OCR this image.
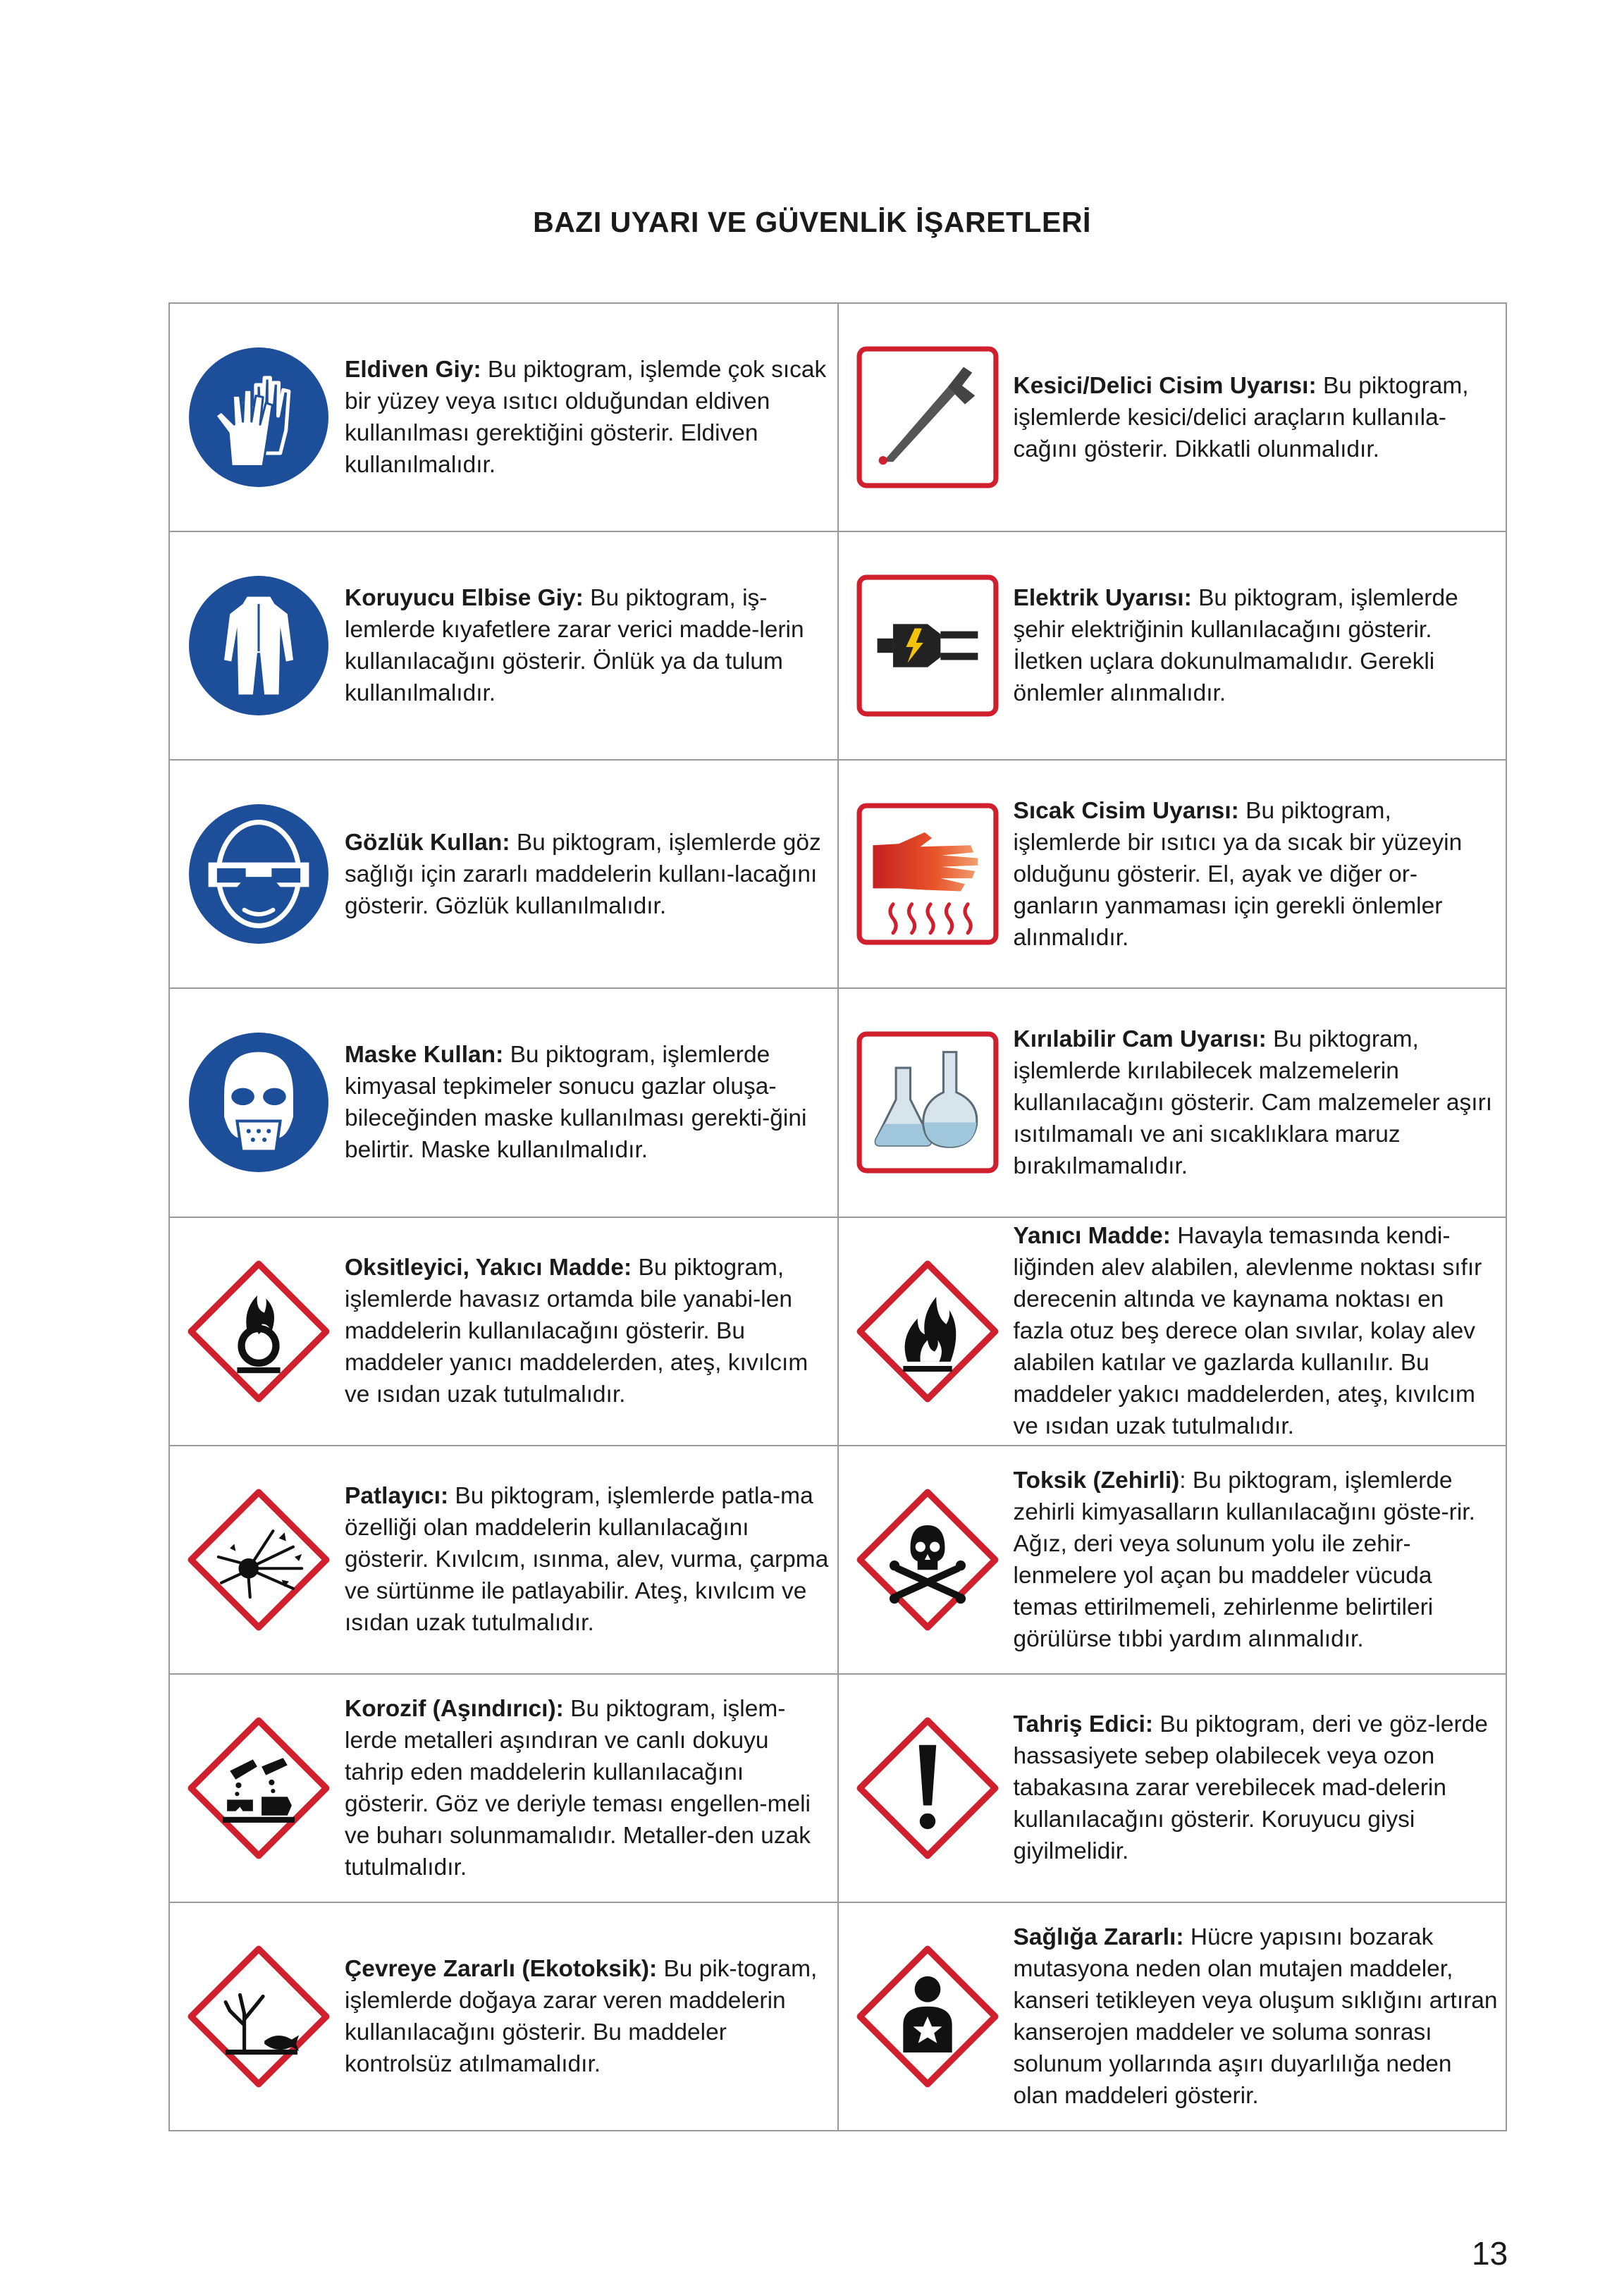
BAZI UYARI VE GÜVENLİK İŞARETLERİ
Eldiven Giy: Bu piktogram, işlemde çok sıcak bir yüzey veya ısıtıcı olduğundan eldiven kullanılması gerektiğini gösterir. Eldiven kullanılmalıdır.
Kesici/Delici Cisim Uyarısı: Bu piktogram, işlemlerde kesici/delici araçların kullanıla-cağını gösterir. Dikkatli olunmalıdır.
Koruyucu Elbise Giy: Bu piktogram, iş-lemlerde kıyafetlere zarar verici madde-lerin kullanılacağını gösterir. Önlük ya da tulum kullanılmalıdır.
Elektrik Uyarısı: Bu piktogram, işlemlerde şehir elektriğinin kullanılacağını gösterir. İletken uçlara dokunulmamalıdır. Gerekli önlemler alınmalıdır.
Gözlük Kullan: Bu piktogram, işlemlerde göz sağlığı için zararlı maddelerin kullanı-lacağını gösterir. Gözlük kullanılmalıdır.
Sıcak Cisim Uyarısı: Bu piktogram, işlemlerde bir ısıtıcı ya da sıcak bir yüzeyin olduğunu gösterir. El, ayak ve diğer or-ganların yanmaması için gerekli önlemler alınmalıdır.
Maske Kullan: Bu piktogram, işlemlerde kimyasal tepkimeler sonucu gazlar oluşa-bileceğinden maske kullanılması gerekti-ğini belirtir. Maske kullanılmalıdır.
Kırılabilir Cam Uyarısı: Bu piktogram, işlemlerde kırılabilecek malzemelerin kullanılacağını gösterir. Cam malzemeler aşırı ısıtılmamalı ve ani sıcaklıklara maruz bırakılmamalıdır.
Oksitleyici, Yakıcı Madde: Bu piktogram, işlemlerde havasız ortamda bile yanabi-len maddelerin kullanılacağını gösterir. Bu maddeler yanıcı maddelerden, ateş, kıvılcım ve ısıdan uzak tutulmalıdır.
Yanıcı Madde: Havayla temasında kendi-liğinden alev alabilen, alevlenme noktası sıfır derecenin altında ve kaynama noktası en fazla otuz beş derece olan sıvılar, kolay alev alabilen katılar ve gazlarda kullanılır. Bu maddeler yakıcı maddelerden, ateş, kıvılcım ve ısıdan uzak tutulmalıdır.
Patlayıcı: Bu piktogram, işlemlerde patla-ma özelliği olan maddelerin kullanılacağını gösterir. Kıvılcım, ısınma, alev, vurma, çarpma ve sürtünme ile patlayabilir. Ateş, kıvılcım ve ısıdan uzak tutulmalıdır.
Toksik (Zehirli): Bu piktogram, işlemlerde zehirli kimyasalların kullanılacağını göste-rir. Ağız, deri veya solunum yolu ile zehir-lenmelere yol açan bu maddeler vücuda temas ettirilmemeli, zehirlenme belirtileri görülürse tıbbi yardım alınmalıdır.
Korozif (Aşındırıcı): Bu piktogram, işlem-lerde metalleri aşındıran ve canlı dokuyu tahrip eden maddelerin kullanılacağını gösterir. Göz ve deriyle teması engellen-meli ve buharı solunmamalıdır. Metaller-den uzak tutulmalıdır.
Tahriş Edici: Bu piktogram, deri ve göz-lerde hassasiyete sebep olabilecek veya ozon tabakasına zarar verebilecek mad-delerin kullanılacağını gösterir. Koruyucu giysi giyilmelidir.
Çevreye Zararlı (Ekotoksik): Bu pik-togram, işlemlerde doğaya zarar veren maddelerin kullanılacağını gösterir. Bu maddeler kontrolsüz atılmamalıdır.
Sağlığa Zararlı: Hücre yapısını bozarak mutasyona neden olan mutajen maddeler, kanseri tetikleyen veya oluşum sıklığını artıran kanserojen maddeler ve soluma sonrası solunum yollarında aşırı duyarlılığa neden olan maddeleri gösterir.
13
